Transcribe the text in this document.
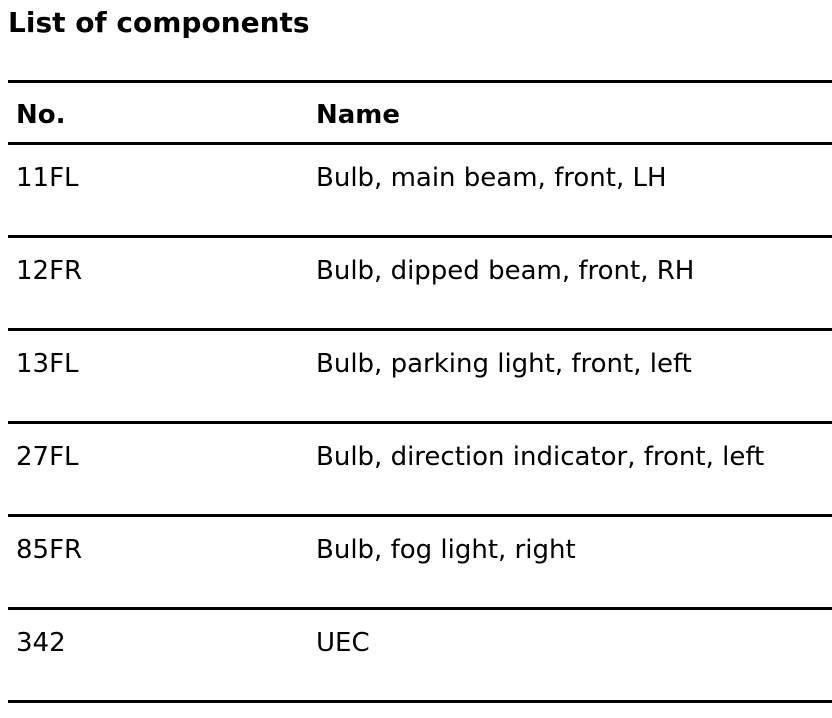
List of components
No.	Name
11FL	Bulb, main beam, front, LH
12FR	Bulb, dipped beam, front, RH
13FL	Bulb, parking light, front, left
27FL	Bulb, direction indicator, front, left
85FR	Bulb, fog light, right
342	UEC
